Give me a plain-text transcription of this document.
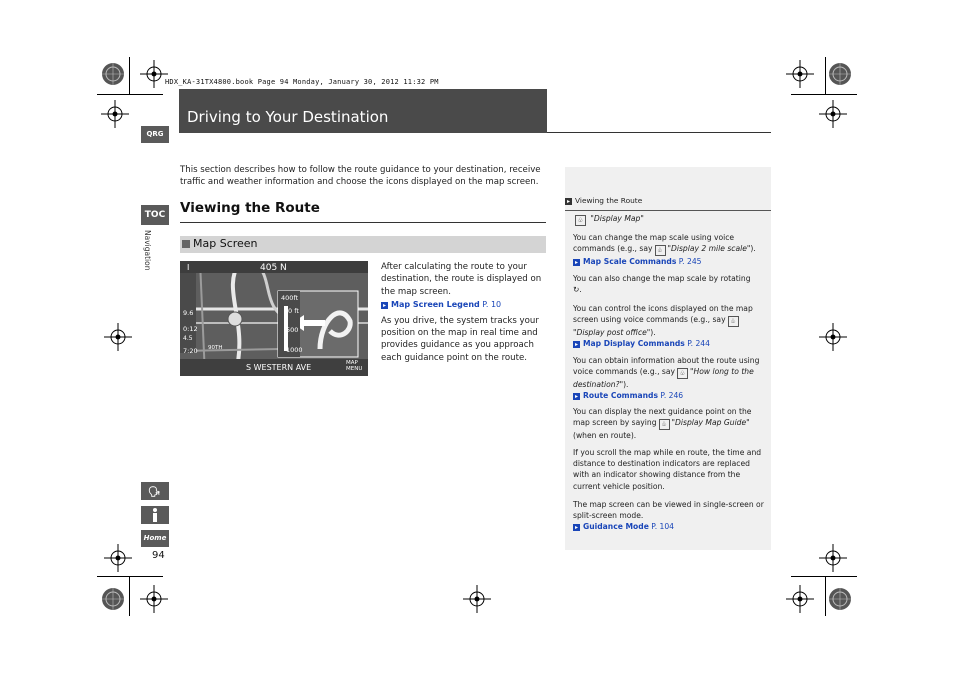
HDX_KA-31TX4800.book Page 94 Monday, January 30, 2012 11:32 PM
Driving to Your Destination
QRG
TOC
Navigation
🗣
Home
94
This section describes how to follow the route guidance to your destination, receive traffic and weather information and choose the icons displayed on the map screen.
Viewing the Route
Map Screen
405 N
I
400ft
0 ft
500
1000
9.6
0:12
7:20
4.5
90TH
S WESTERN AVE	MAP
MENU
After calculating the route to your destination, the route is displayed on the map screen.
▸ Map Screen Legend P. 10
As you drive, the system tracks your position on the map in real time and provides guidance as you approach each guidance point on the route.
▸ Viewing the Route
♧ "Display Map"
You can change the map scale using voice commands (e.g., say ♧ "Display 2 mile scale").
▸ Map Scale Commands P. 245
You can also change the map scale by rotating
↻.
You can control the icons displayed on the map screen using voice commands (e.g., say ♧
"Display post office").
▸ Map Display Commands P. 244
You can obtain information about the route using voice commands (e.g., say ♧ "How long to the destination?").
▸ Route Commands P. 246
You can display the next guidance point on the map screen by saying ♧ "Display Map Guide"
(when en route).
If you scroll the map while en route, the time and distance to destination indicators are replaced with an indicator showing distance from the current vehicle position.
The map screen can be viewed in single-screen or split-screen mode.
▸ Guidance Mode P. 104
